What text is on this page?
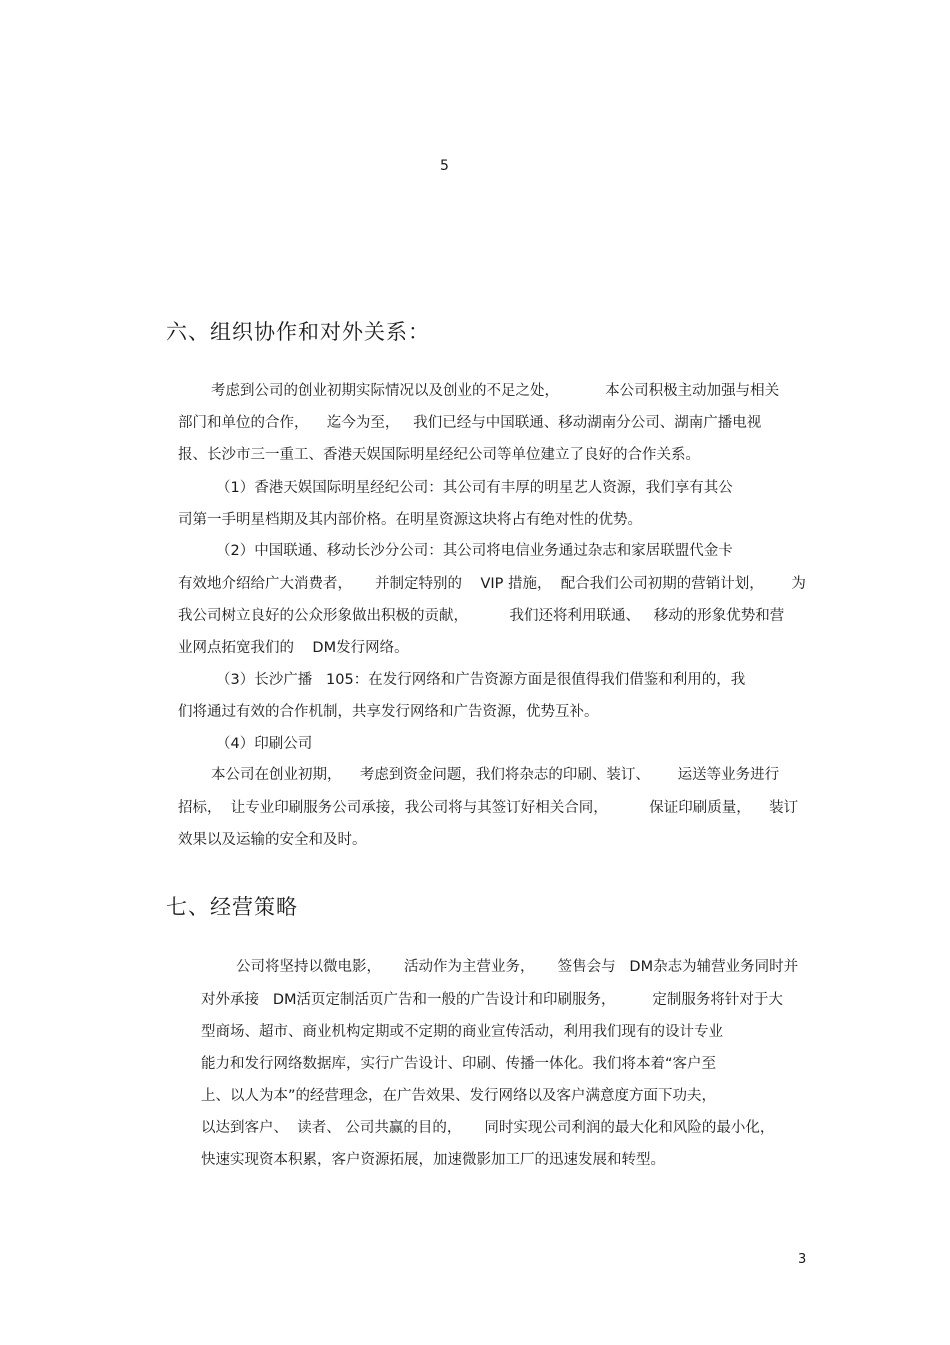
5
六、组织协作和对外关系：

考虑到公司的创业初期实际情况以及创业的不足之处，          本公司积极主动加强与相关

部门和单位的合作，    迄今为至，   我们已经与中国联通、移动湖南分公司、湖南广播电视

报、长沙市三一重工、香港天娱国际明星经纪公司等单位建立了良好的合作关系。

（1）香港天娱国际明星经纪公司：其公司有丰厚的明星艺人资源，我们享有其公

司第一手明星档期及其内部价格。在明星资源这块将占有绝对性的优势。

（2）中国联通、移动长沙分公司：其公司将电信业务通过杂志和家居联盟代金卡

有效地介绍给广大消费者，     并制定特别的    VIP 措施，  配合我们公司初期的营销计划，      为

我公司树立良好的公众形象做出积极的贡献，         我们还将利用联通、   移动的形象优势和营

业网点拓宽我们的    DM发行网络。

（3）长沙广播   105：在发行网络和广告资源方面是很值得我们借鉴和利用的，我

们将通过有效的合作机制，共享发行网络和广告资源，优势互补。

（4）印刷公司

本公司在创业初期，    考虑到资金问题，我们将杂志的印刷、装订、      运送等业务进行

招标，  让专业印刷服务公司承接，我公司将与其签订好相关合同，         保证印刷质量，    装订

效果以及运输的安全和及时。

七、经营策略

公司将坚持以微电影，     活动作为主营业务，     签售会与   DM杂志为辅营业务同时并

对外承接   DM活页定制活页广告和一般的广告设计和印刷服务，        定制服务将针对于大

型商场、超市、商业机构定期或不定期的商业宣传活动，利用我们现有的设计专业

能力和发行网络数据库，实行广告设计、印刷、传播一体化。我们将本着“客户至

上、以人为本”的经营理念，在广告效果、发行网络以及客户满意度方面下功夫，

以达到客户、  读者、 公司共赢的目的，     同时实现公司利润的最大化和风险的最小化，

快速实现资本积累，客户资源拓展，加速微影加工厂的迅速发展和转型。

3
